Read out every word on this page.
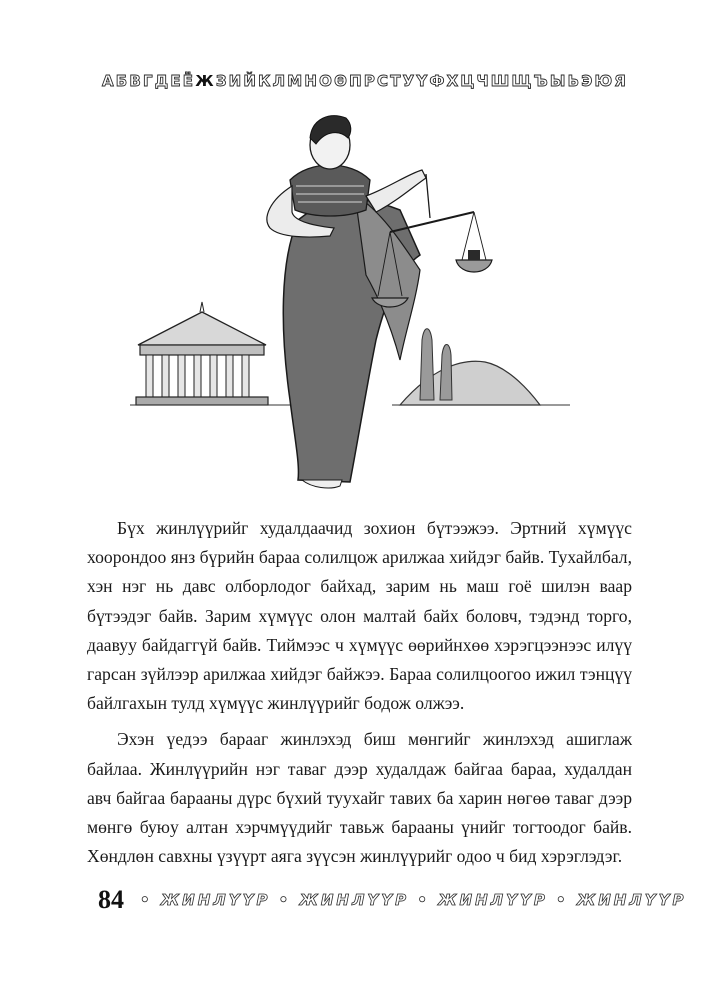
АБВГДЕЁЖЗИЙКЛМНОӨПРСТУҮФХЦЧШЩЪЫЬЭЮЯ

Бүх жинлүүрийг худалдаачид зохион бүтээжээ. Эртний хүмүүс хоорондоо янз бүрийн бараа солилцож арилжаа хийдэг байв. Тухайлбал, хэн нэг нь давс олборлодог байхад, зарим нь маш гоё шилэн ваар бүтээдэг байв. Зарим хүмүүс олон малтай байх боловч, тэдэнд торго, даавуу байдаггүй байв. Тиймээс ч хүмүүс өөрийнхөө хэрэгцээнээс илүү гарсан зүйлээр арилжаа хийдэг байжээ. Бараа солилцоогоо ижил тэнцүү байлгахын тулд хүмүүс жинлүүрийг бодож олжээ.

Эхэн үедээ барааг жинлэхэд биш мөнгийг жинлэхэд ашиглаж байлаа. Жинлүүрийн нэг таваг дээр худалдаж байгаа бараа, худалдан авч байгаа барааны дүрс бүхий туухайг тавих ба харин нөгөө таваг дээр мөнгө буюу алтан хэрчмүүдийг тавьж барааны үнийг тогтоодог байв. Хөндлөн савхны үзүүрт аяга зүүсэн жинлүүрийг одоо ч бид хэрэглэдэг.

84 • ЖИНЛҮҮР • ЖИНЛҮҮР • ЖИНЛҮҮР • ЖИНЛҮҮР
